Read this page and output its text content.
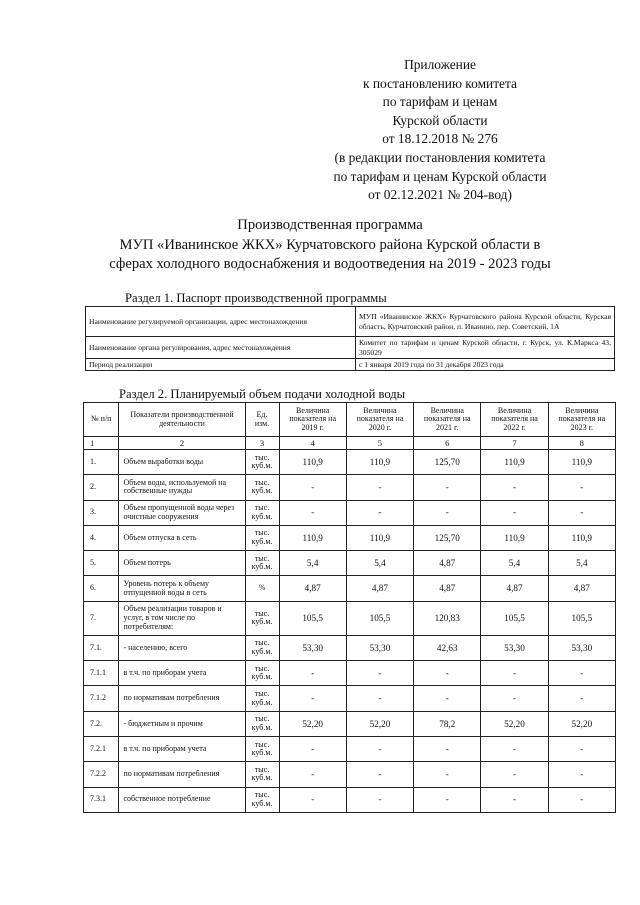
Приложение
к постановлению комитета
по тарифам и ценам
Курской области
от 18.12.2018 № 276
(в редакции постановления комитета
по тарифам и ценам Курской области
от 02.12.2021 № 204-вод)
Производственная программа
МУП «Иванинское ЖКХ» Курчатовского района Курской области в
сферах холодного водоснабжения и водоотведения на 2019 - 2023 годы
Раздел 1. Паспорт производственной программы
Наименование регулируемой организации, адрес местонахождения	МУП «Иванинское ЖКХ» Курчатовского района Курской области, Курская область, Курчатовский район, п. Иванино, пер. Советский, 1А
Наименование органа регулирования, адрес местонахождения	Комитет по тарифам и ценам Курской области, г. Курск, ул. К.Маркса 43, 305029
Период реализации	с 1 января 2019 года по 31 декабря 2023 года
Раздел 2. Планируемый объем подачи холодной воды
№ п/п	Показатели производственной деятельности	Ед. изм.	Величина показателя на 2019 г.	Величина показателя на 2020 г.	Величина показателя на 2021 г.	Величина показателя на 2022 г.	Величина показателя на 2023 г.
1	2	3	4	5	6	7	8
1.	Объем выработки воды	тыс. куб.м.	110,9	110,9	125,70	110,9	110,9
2.	Объем воды, используемой на собственные нужды	тыс. куб.м.	-	-	-	-	-
3.	Объем пропущенной воды через очистные сооружения	тыс. куб.м.	-	-	-	-	-
4.	Объем отпуска в сеть	тыс. куб.м.	110,9	110,9	125,70	110,9	110,9
5.	Объем потерь	тыс. куб.м.	5,4	5,4	4,87	5,4	5,4
6.	Уровень потерь к объему отпущенной воды в сеть	%	4,87	4,87	4,87	4,87	4,87
7.	Объем реализации товаров и услуг, в том числе по потребителям:	тыс. куб.м.	105,5	105,5	120,83	105,5	105,5
7.1.	- населению, всего	тыс. куб.м.	53,30	53,30	42,63	53,30	53,30
7.1.1	в т.ч. по приборам учета	тыс. куб.м.	-	-	-	-	-
7.1.2	по нормативам потребления	тыс. куб.м.	-	-	-	-	-
7.2.	- бюджетным и прочим	тыс. куб.м.	52,20	52,20	78,2	52,20	52,20
7.2.1	в т.ч. по приборам учета	тыс. куб.м.	-	-	-	-	-
7.2.2	по нормативам потребления	тыс. куб.м.	-	-	-	-	-
7.3.1	собственное потребление	тыс. куб.м.	-	-	-	-	-
